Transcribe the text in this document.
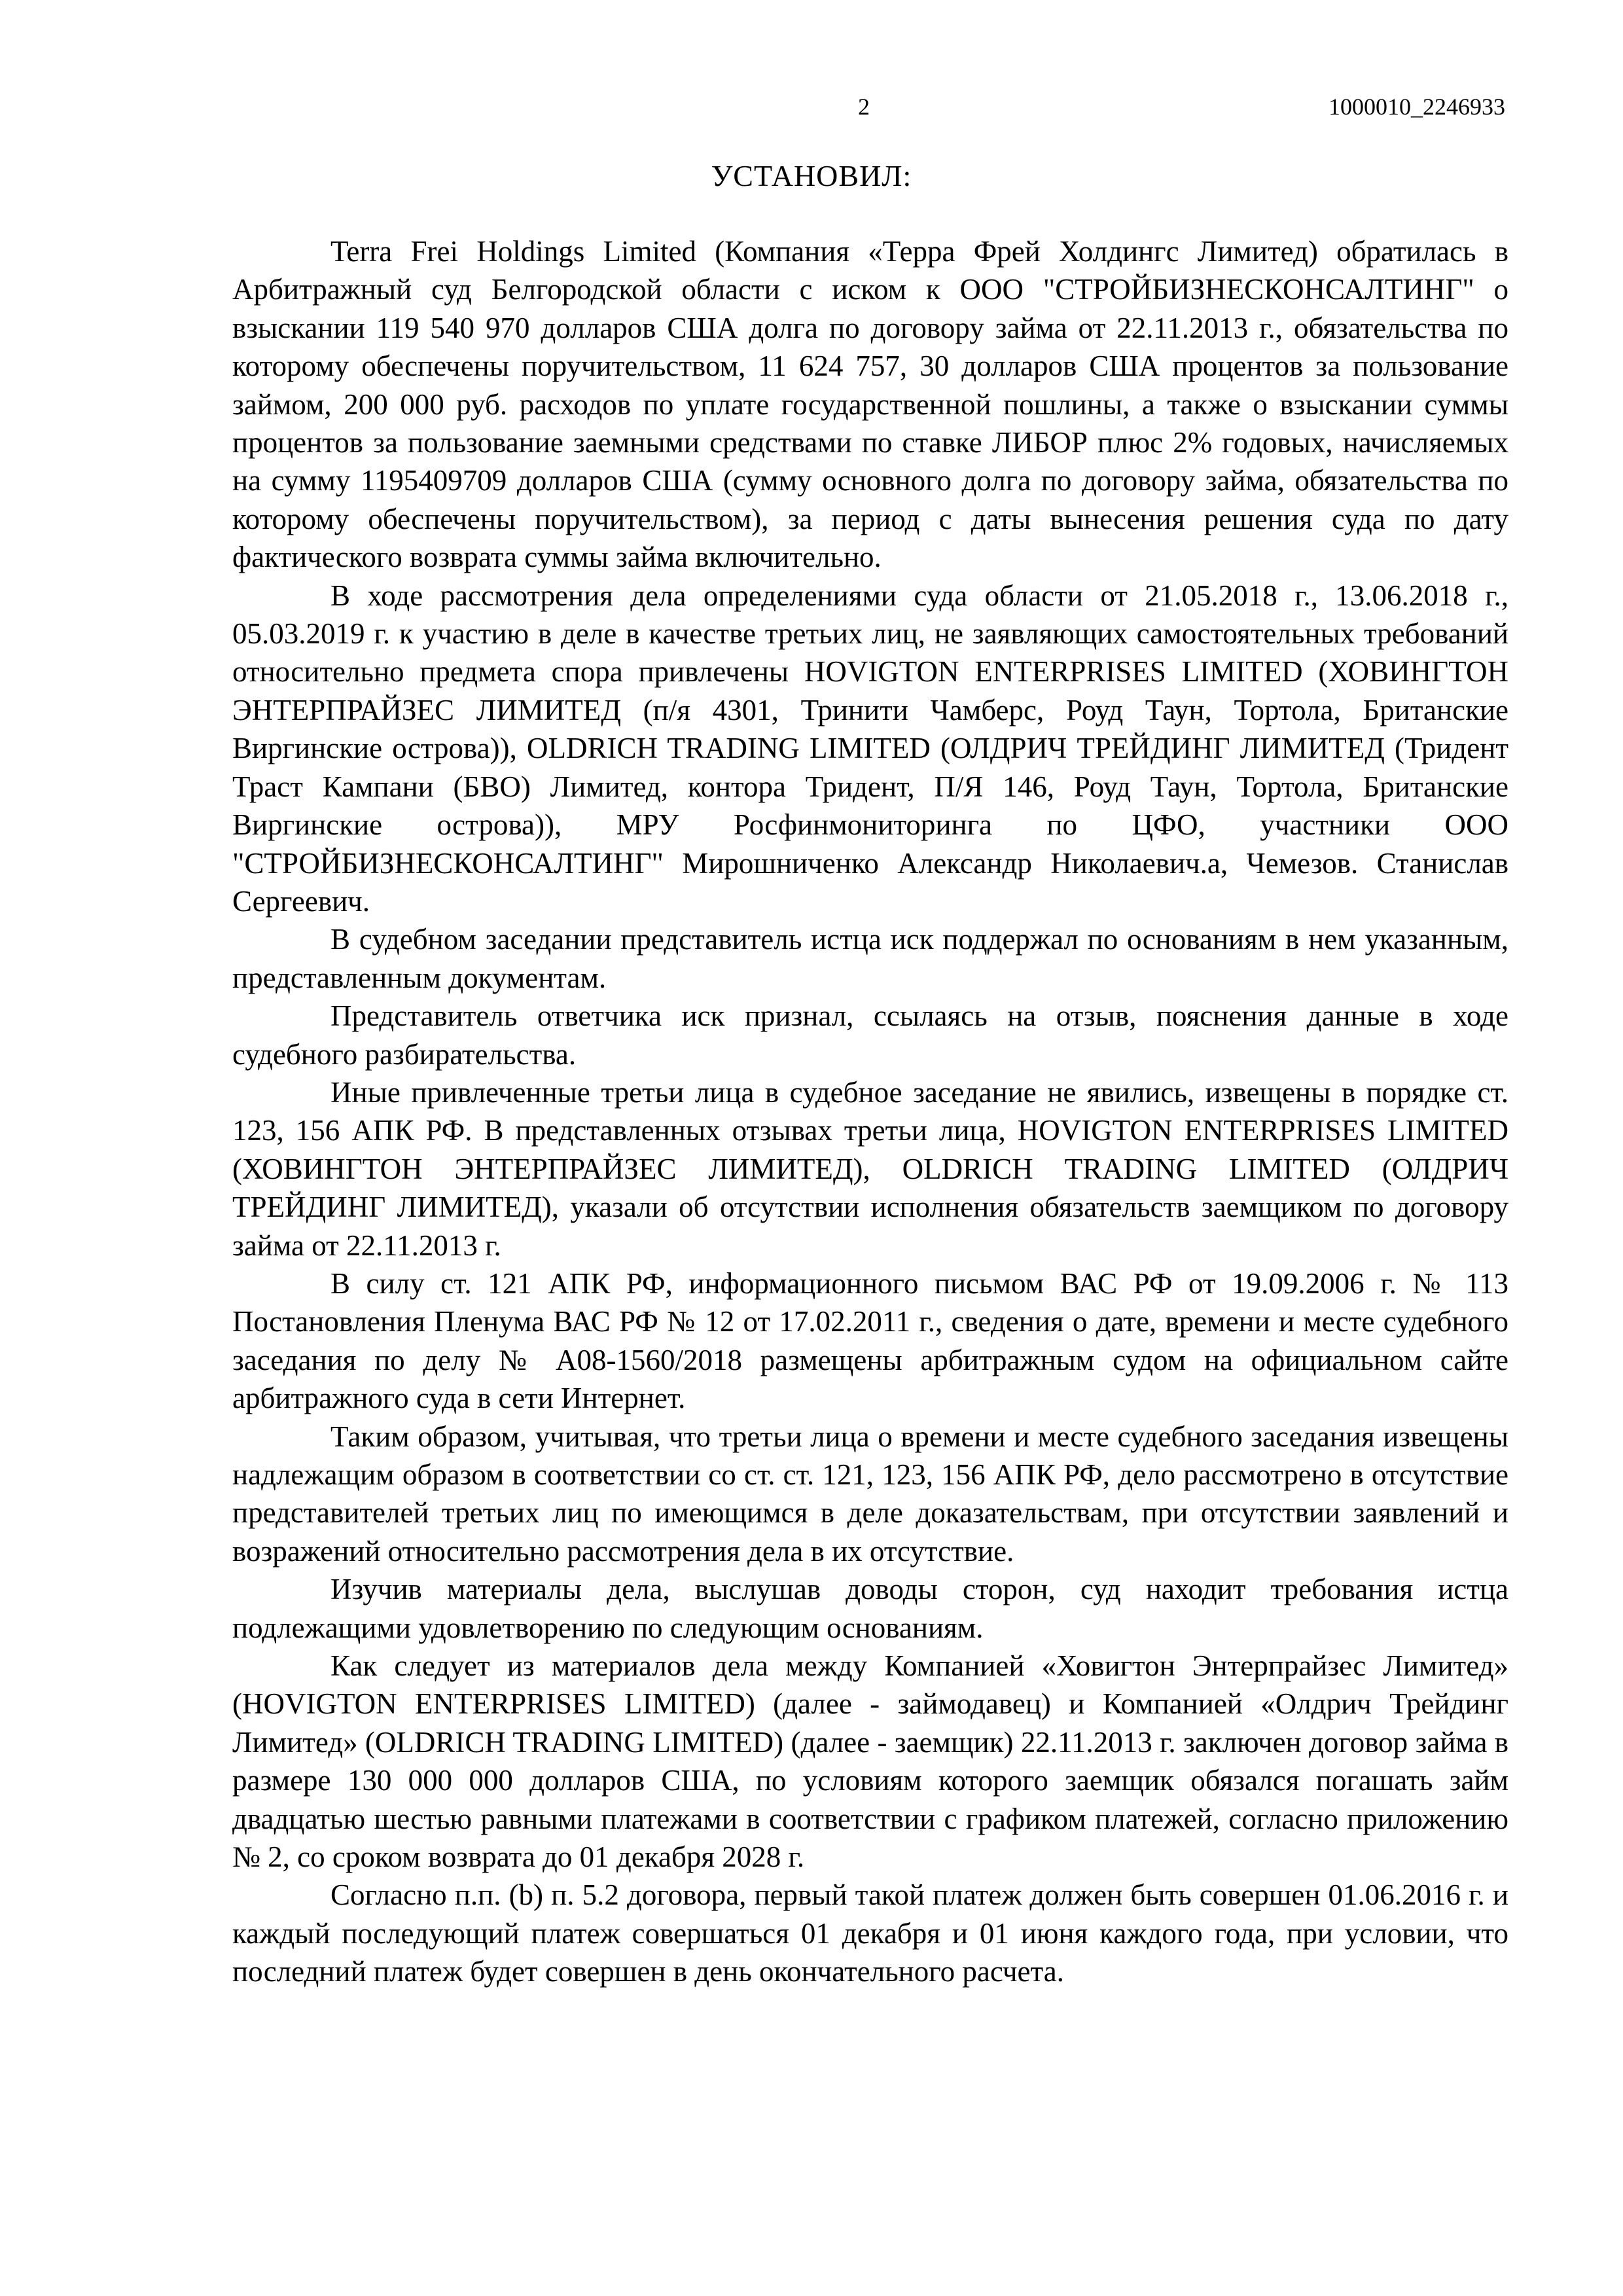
2	1000010_2246933
УСТАНОВИЛ:

Terra Frei Holdings Limited (Компания «Терра Фрей Холдингс Лимитед) обратилась в Арбитражный суд Белгородской области с иском к ООО "СТРОЙБИЗНЕСКОНСАЛТИНГ" о взыскании 119 540 970 долларов США долга по договору займа от 22.11.2013 г., обязательства по которому обеспечены поручительством, 11 624 757, 30 долларов США процентов за пользование займом, 200 000 руб. расходов по уплате государственной пошлины, а также о взыскании суммы процентов за пользование заемными средствами по ставке ЛИБОР плюс 2% годовых, начисляемых на сумму 1195409709 долларов США (сумму основного долга по договору займа, обязательства по которому обеспечены поручительством), за период с даты вынесения решения суда по дату фактического возврата суммы займа включительно.

В ходе рассмотрения дела определениями суда области от 21.05.2018 г., 13.06.2018 г., 05.03.2019 г. к участию в деле в качестве третьих лиц, не заявляющих самостоятельных требований относительно предмета спора привлечены HOVIGTON ENTERPRISES LIMITED (ХОВИНГТОН ЭНТЕРПРАЙЗЕС ЛИМИТЕД (п/я 4301, Тринити Чамберс, Роуд Таун, Тортола, Британские Виргинские острова)), OLDRICH TRADING LIMITED (ОЛДРИЧ ТРЕЙДИНГ ЛИМИТЕД (Тридент Траст Кампани (БВО) Лимитед, контора Тридент, П/Я 146, Роуд Таун, Тортола, Британские Виргинские острова)), МРУ Росфинмониторинга по ЦФО, участники ООО "СТРОЙБИЗНЕСКОНСАЛТИНГ" Мирошниченко Александр Николаевич.а, Чемезов. Станислав Сергеевич.

В судебном заседании представитель истца иск поддержал по основаниям в нем указанным, представленным документам.

Представитель ответчика иск признал, ссылаясь на отзыв, пояснения данные в ходе судебного разбирательства.

Иные привлеченные третьи лица в судебное заседание не явились, извещены в порядке ст. 123, 156 АПК РФ. В представленных отзывах третьи лица, HOVIGTON ENTERPRISES LIMITED (ХОВИНГТОН ЭНТЕРПРАЙЗЕС ЛИМИТЕД), OLDRICH TRADING LIMITED (ОЛДРИЧ ТРЕЙДИНГ ЛИМИТЕД), указали об отсутствии исполнения обязательств заемщиком по договору займа от 22.11.2013 г.

В силу ст. 121 АПК РФ, информационного письмом ВАС РФ от 19.09.2006 г. № 113 Постановления Пленума ВАС РФ № 12 от 17.02.2011 г., сведения о дате, времени и месте судебного заседания по делу № А08-1560/2018 размещены арбитражным судом на официальном сайте арбитражного суда в сети Интернет.

Таким образом, учитывая, что третьи лица о времени и месте судебного заседания извещены надлежащим образом в соответствии со ст. ст. 121, 123, 156 АПК РФ, дело рассмотрено в отсутствие представителей третьих лиц по имеющимся в деле доказательствам, при отсутствии заявлений и возражений относительно рассмотрения дела в их отсутствие.

Изучив материалы дела, выслушав доводы сторон, суд находит требования истца подлежащими удовлетворению по следующим основаниям.

Как следует из материалов дела между Компанией «Ховигтон Энтерпрайзес Лимитед» (HOVIGTON ENTERPRISES LIMITED) (далее - займодавец) и Компанией «Олдрич Трейдинг Лимитед» (OLDRICH TRADING LIMITED) (далее - заемщик) 22.11.2013 г. заключен договор займа в размере 130 000 000 долларов США, по условиям которого заемщик обязался погашать займ двадцатью шестью равными платежами в соответствии с графиком платежей, согласно приложению № 2, со сроком возврата до 01 декабря 2028 г.

Согласно п.п. (b) п. 5.2 договора, первый такой платеж должен быть совершен 01.06.2016 г. и каждый последующий платеж совершаться 01 декабря и 01 июня каждого года, при условии, что последний платеж будет совершен в день окончательного расчета.
